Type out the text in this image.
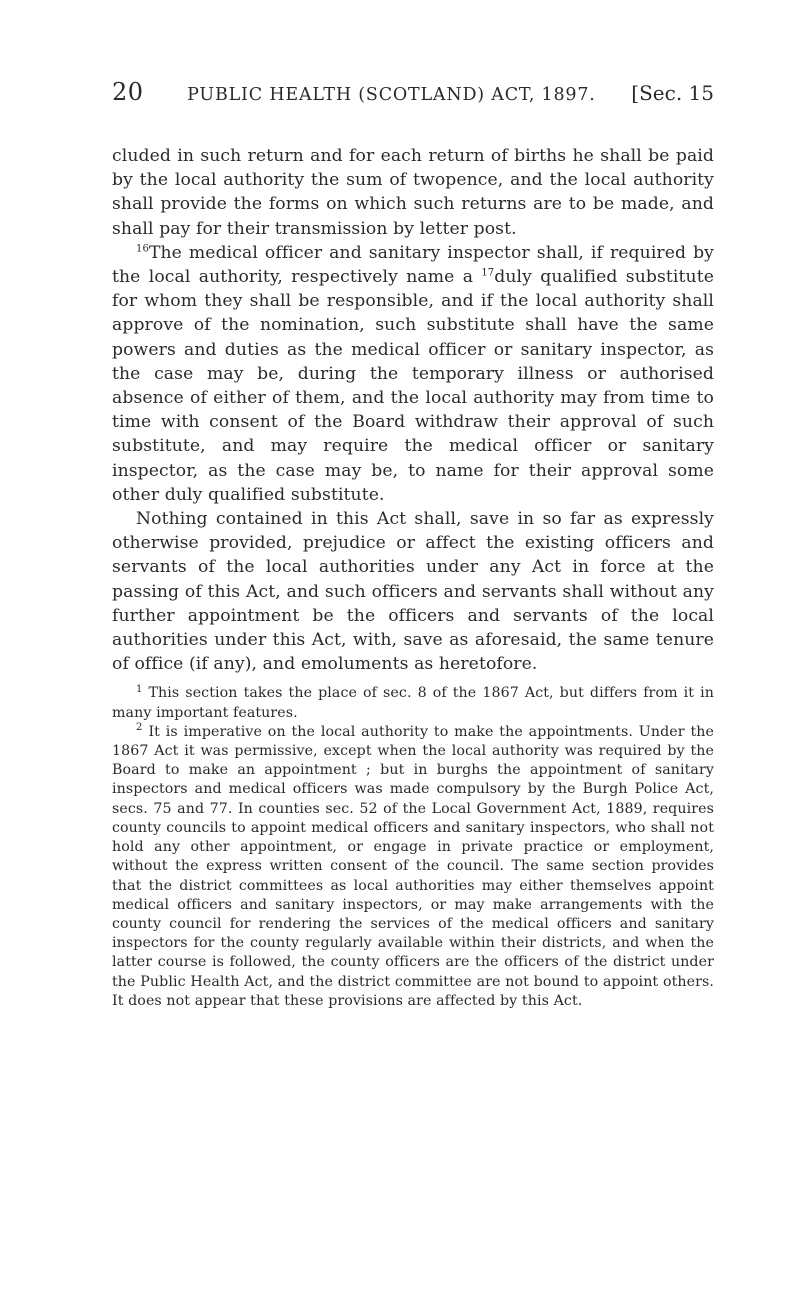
20	PUBLIC HEALTH (SCOTLAND) ACT, 1897.	[Sec. 15

cluded in such return and for each return of births he shall be paid by the local authority the sum of twopence, and the local authority shall provide the forms on which such returns are to be made, and shall pay for their transmission by letter post.

$^{16}$The medical officer and sanitary inspector shall, if required by the local authority, respectively name a $^{17}$duly qualified substitute for whom they shall be responsible, and if the local authority shall approve of the nomination, such substitute shall have the same powers and duties as the medical officer or sanitary inspector, as the case may be, during the temporary illness or authorised absence of either of them, and the local authority may from time to time with consent of the Board withdraw their approval of such substitute, and may require the medical officer or sanitary inspector, as the case may be, to name for their approval some other duly qualified substitute.

Nothing contained in this Act shall, save in so far as expressly otherwise provided, prejudice or affect the existing officers and servants of the local authorities under any Act in force at the passing of this Act, and such officers and servants shall without any further appointment be the officers and servants of the local authorities under this Act, with, save as aforesaid, the same tenure of office (if any), and emoluments as heretofore.

$^1$ This section takes the place of sec. 8 of the 1867 Act, but differs from it in many important features.

$^2$ It is imperative on the local authority to make the appointments. Under the 1867 Act it was permissive, except when the local authority was required by the Board to make an appointment ; but in burghs the appointment of sanitary inspectors and medical officers was made compulsory by the Burgh Police Act, secs. 75 and 77. In counties sec. 52 of the Local Government Act, 1889, requires county councils to appoint medical officers and sanitary inspectors, who shall not hold any other appointment, or engage in private practice or employment, without the express written consent of the council. The same section provides that the district committees as local authorities may either themselves appoint medical officers and sanitary inspectors, or may make arrangements with the county council for rendering the services of the medical officers and sanitary inspectors for the county regularly available within their districts, and when the latter course is followed, the county officers are the officers of the district under the Public Health Act, and the district committee are not bound to appoint others. It does not appear that these provisions are affected by this Act.
